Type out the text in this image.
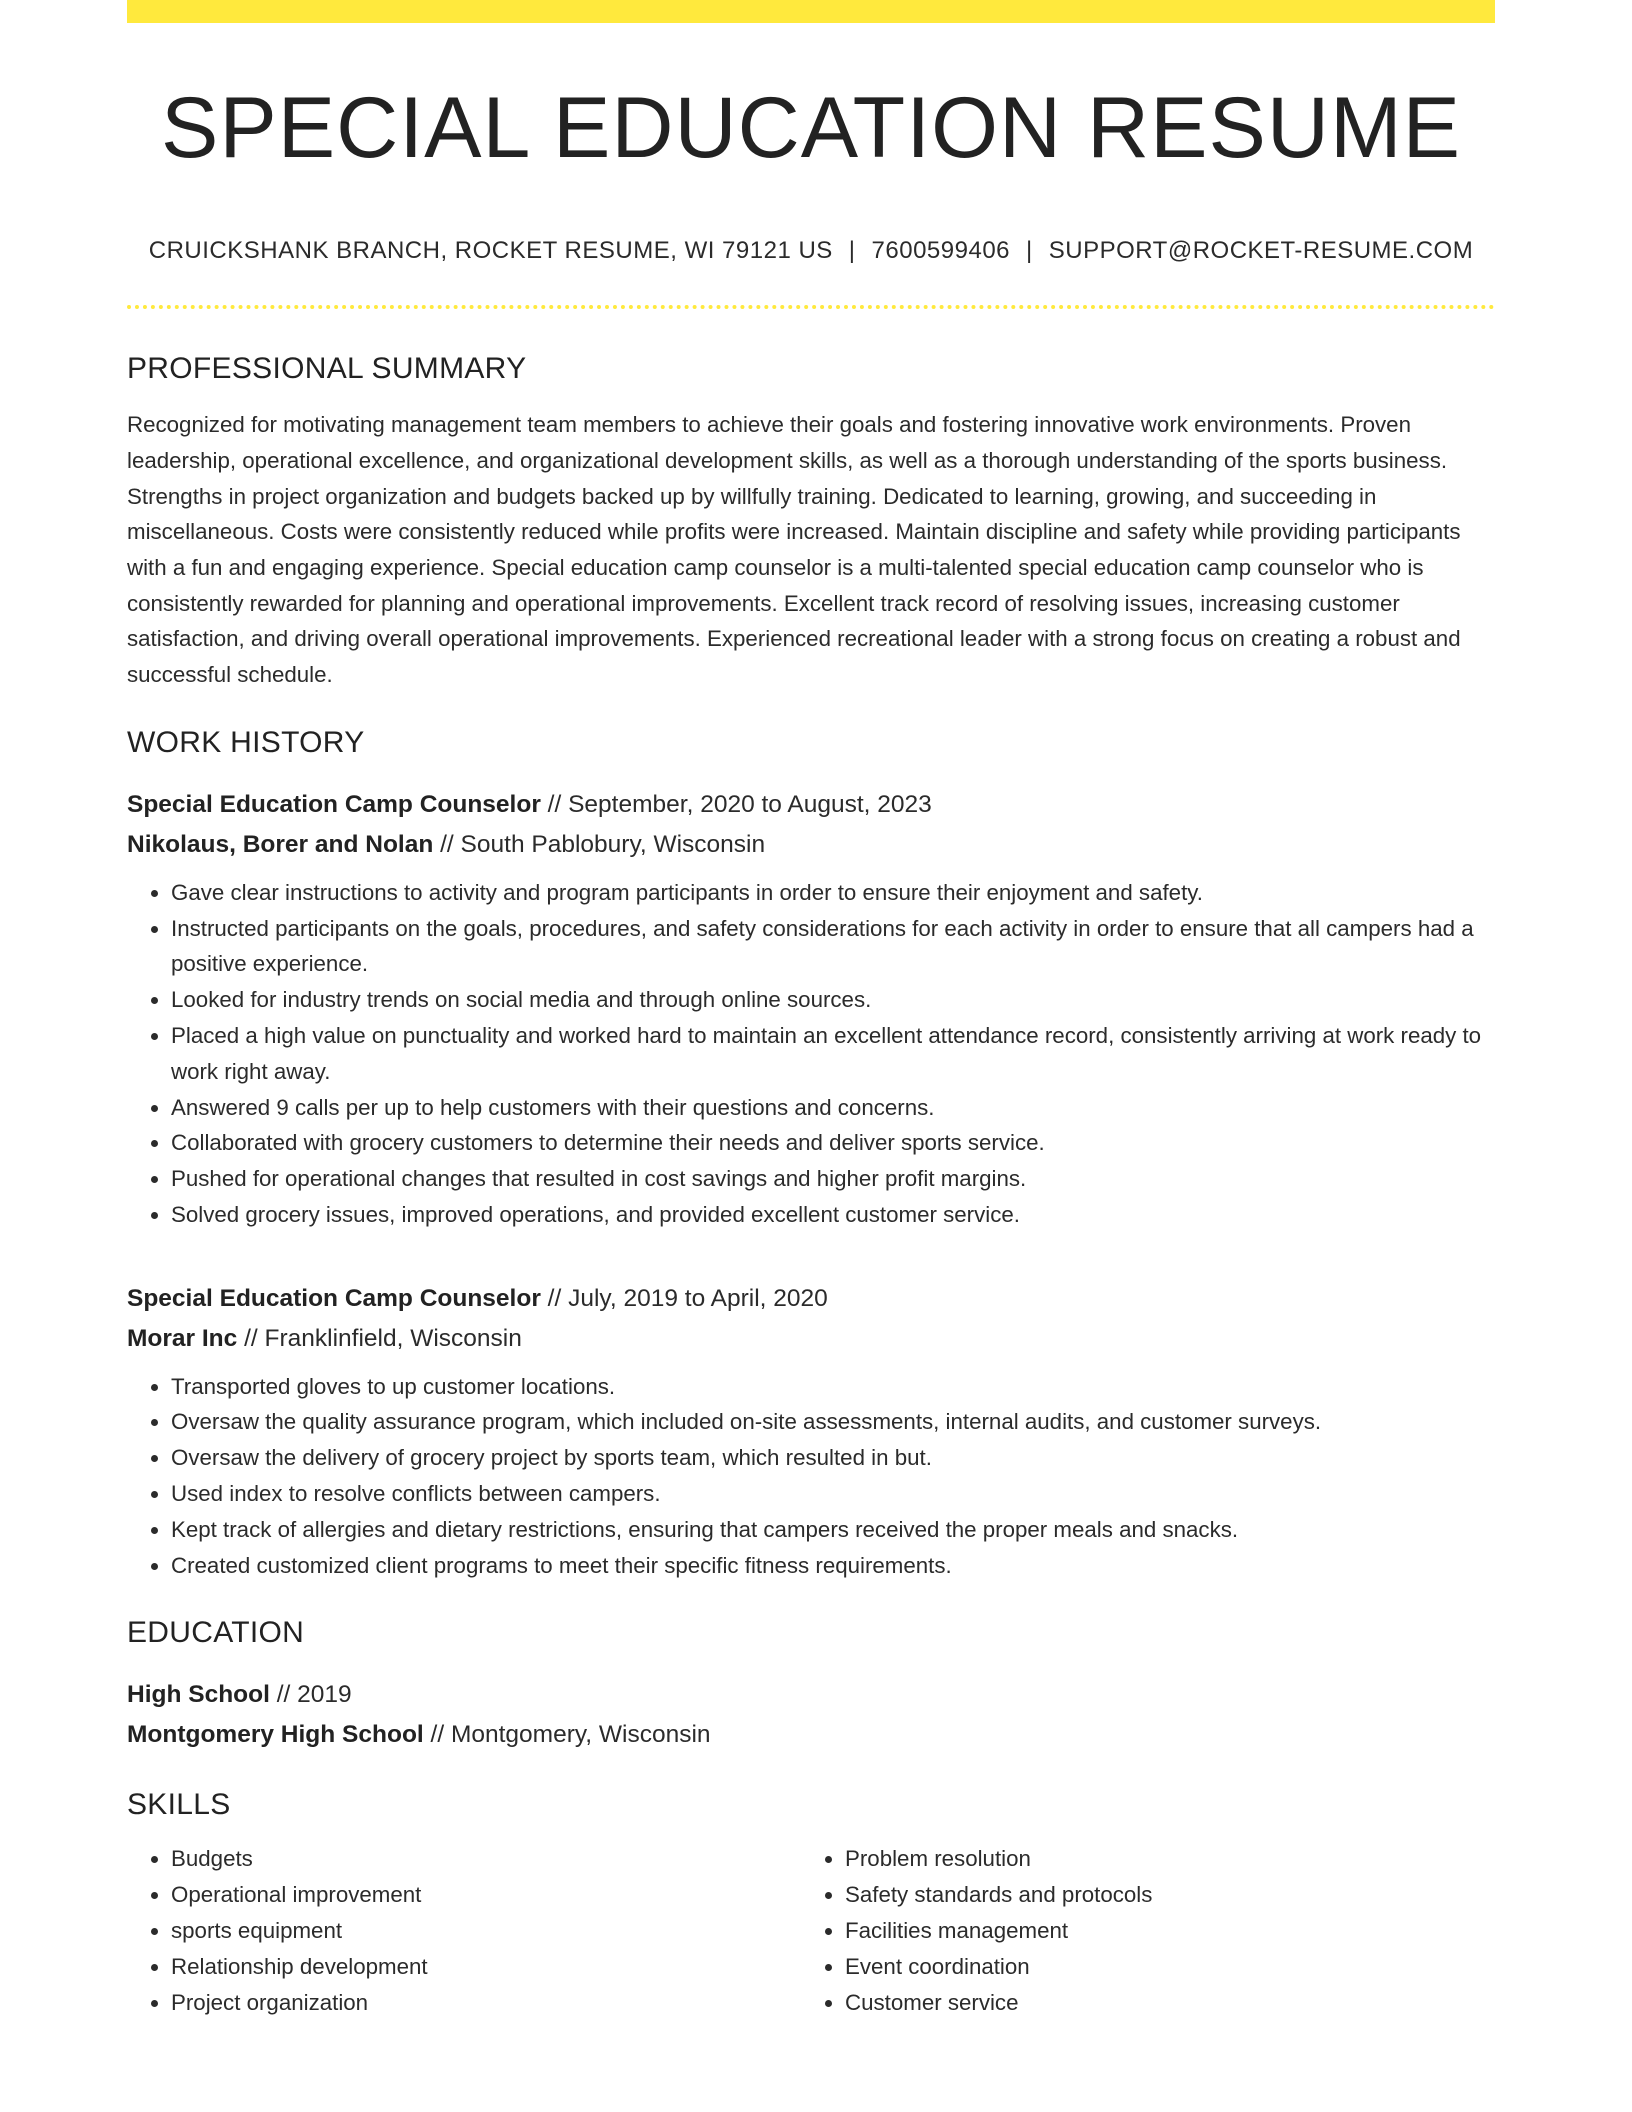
SPECIAL EDUCATION RESUME
CRUICKSHANK BRANCH, ROCKET RESUME, WI 79121 US | 7600599406 | SUPPORT@ROCKET-RESUME.COM
PROFESSIONAL SUMMARY
Recognized for motivating management team members to achieve their goals and fostering innovative work environments. Proven leadership, operational excellence, and organizational development skills, as well as a thorough understanding of the sports business. Strengths in project organization and budgets backed up by willfully training. Dedicated to learning, growing, and succeeding in miscellaneous. Costs were consistently reduced while profits were increased. Maintain discipline and safety while providing participants with a fun and engaging experience. Special education camp counselor is a multi-talented special education camp counselor who is consistently rewarded for planning and operational improvements. Excellent track record of resolving issues, increasing customer satisfaction, and driving overall operational improvements. Experienced recreational leader with a strong focus on creating a robust and successful schedule.
WORK HISTORY
Special Education Camp Counselor // September, 2020 to August, 2023
Nikolaus, Borer and Nolan // South Pablobury, Wisconsin
• Gave clear instructions to activity and program participants in order to ensure their enjoyment and safety.
• Instructed participants on the goals, procedures, and safety considerations for each activity in order to ensure that all campers had a positive experience.
• Looked for industry trends on social media and through online sources.
• Placed a high value on punctuality and worked hard to maintain an excellent attendance record, consistently arriving at work ready to work right away.
• Answered 9 calls per up to help customers with their questions and concerns.
• Collaborated with grocery customers to determine their needs and deliver sports service.
• Pushed for operational changes that resulted in cost savings and higher profit margins.
• Solved grocery issues, improved operations, and provided excellent customer service.
Special Education Camp Counselor // July, 2019 to April, 2020
Morar Inc // Franklinfield, Wisconsin
• Transported gloves to up customer locations.
• Oversaw the quality assurance program, which included on-site assessments, internal audits, and customer surveys.
• Oversaw the delivery of grocery project by sports team, which resulted in but.
• Used index to resolve conflicts between campers.
• Kept track of allergies and dietary restrictions, ensuring that campers received the proper meals and snacks.
• Created customized client programs to meet their specific fitness requirements.
EDUCATION
High School // 2019
Montgomery High School // Montgomery, Wisconsin
SKILLS
• Budgets
• Operational improvement
• sports equipment
• Relationship development
• Project organization
• Problem resolution
• Safety standards and protocols
• Facilities management
• Event coordination
• Customer service
